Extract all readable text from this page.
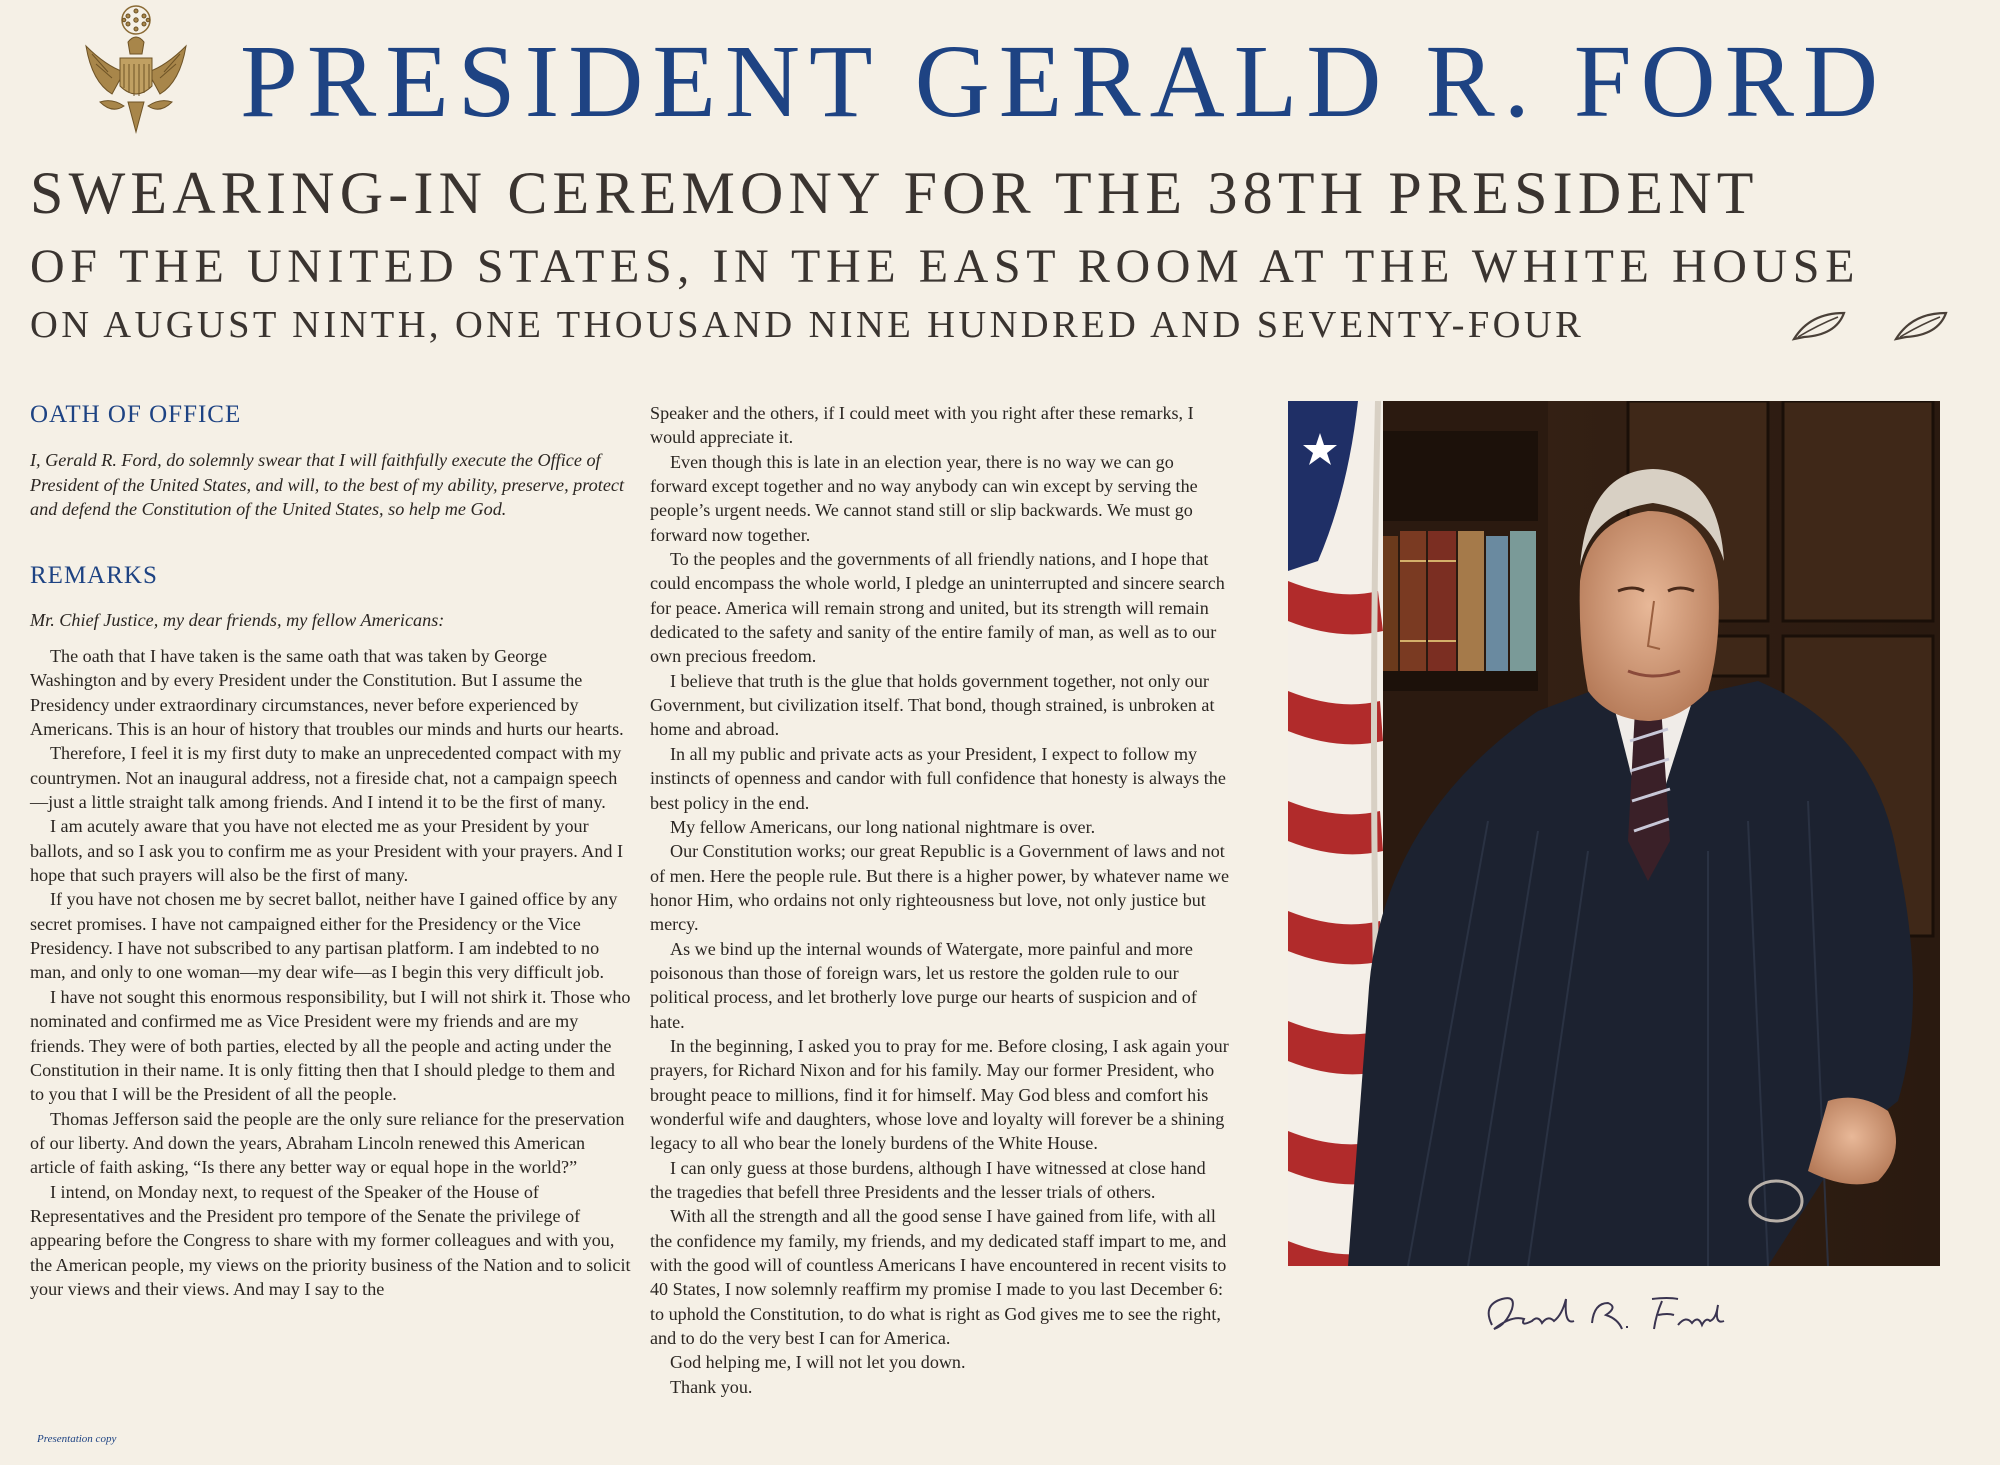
PRESIDENT GERALD R. FORD
SWEARING-IN CEREMONY FOR THE 38TH PRESIDENT
OF THE UNITED STATES, IN THE EAST ROOM AT THE WHITE HOUSE
ON AUGUST NINTH, ONE THOUSAND NINE HUNDRED AND SEVENTY-FOUR
OATH OF OFFICE
I, Gerald R. Ford, do solemnly swear that I will faithfully execute the Office of President of the United States, and will, to the best of my ability, preserve, protect and defend the Constitution of the United States, so help me God.
REMARKS
Mr. Chief Justice, my dear friends, my fellow Americans:

The oath that I have taken is the same oath that was taken by George Washington and by every President under the Constitution. But I assume the Presidency under extraordinary circumstances, never before experienced by Americans. This is an hour of history that troubles our minds and hurts our hearts.

Therefore, I feel it is my first duty to make an unprecedented compact with my countrymen. Not an inaugural address, not a fireside chat, not a campaign speech—just a little straight talk among friends. And I intend it to be the first of many.

I am acutely aware that you have not elected me as your President by your ballots, and so I ask you to confirm me as your President with your prayers. And I hope that such prayers will also be the first of many.

If you have not chosen me by secret ballot, neither have I gained office by any secret promises. I have not campaigned either for the Presidency or the Vice Presidency. I have not subscribed to any partisan platform. I am indebted to no man, and only to one woman—my dear wife—as I begin this very difficult job.

I have not sought this enormous responsibility, but I will not shirk it. Those who nominated and confirmed me as Vice President were my friends and are my friends. They were of both parties, elected by all the people and acting under the Constitution in their name. It is only fitting then that I should pledge to them and to you that I will be the President of all the people.

Thomas Jefferson said the people are the only sure reliance for the preservation of our liberty. And down the years, Abraham Lincoln renewed this American article of faith asking, “Is there any better way or equal hope in the world?”

I intend, on Monday next, to request of the Speaker of the House of Representatives and the President pro tempore of the Senate the privilege of appearing before the Congress to share with my former colleagues and with you, the American people, my views on the priority business of the Nation and to solicit your views and their views. And may I say to the

Speaker and the others, if I could meet with you right after these remarks, I would appreciate it.

Even though this is late in an election year, there is no way we can go forward except together and no way anybody can win except by serving the people’s urgent needs. We cannot stand still or slip backwards. We must go forward now together.

To the peoples and the governments of all friendly nations, and I hope that could encompass the whole world, I pledge an uninterrupted and sincere search for peace. America will remain strong and united, but its strength will remain dedicated to the safety and sanity of the entire family of man, as well as to our own precious freedom.

I believe that truth is the glue that holds government together, not only our Government, but civilization itself. That bond, though strained, is unbroken at home and abroad.

In all my public and private acts as your President, I expect to follow my instincts of openness and candor with full confidence that honesty is always the best policy in the end.

My fellow Americans, our long national nightmare is over.

Our Constitution works; our great Republic is a Government of laws and not of men. Here the people rule. But there is a higher power, by whatever name we honor Him, who ordains not only righteousness but love, not only justice but mercy.

As we bind up the internal wounds of Watergate, more painful and more poisonous than those of foreign wars, let us restore the golden rule to our political process, and let brotherly love purge our hearts of suspicion and of hate.

In the beginning, I asked you to pray for me. Before closing, I ask again your prayers, for Richard Nixon and for his family. May our former President, who brought peace to millions, find it for himself. May God bless and comfort his wonderful wife and daughters, whose love and loyalty will forever be a shining legacy to all who bear the lonely burdens of the White House.

I can only guess at those burdens, although I have witnessed at close hand the tragedies that befell three Presidents and the lesser trials of others.

With all the strength and all the good sense I have gained from life, with all the confidence my family, my friends, and my dedicated staff impart to me, and with the good will of countless Americans I have encountered in recent visits to 40 States, I now solemnly reaffirm my promise I made to you last December 6: to uphold the Constitution, to do what is right as God gives me to see the right, and to do the very best I can for America.

God helping me, I will not let you down.

Thank you.

Presentation copy
